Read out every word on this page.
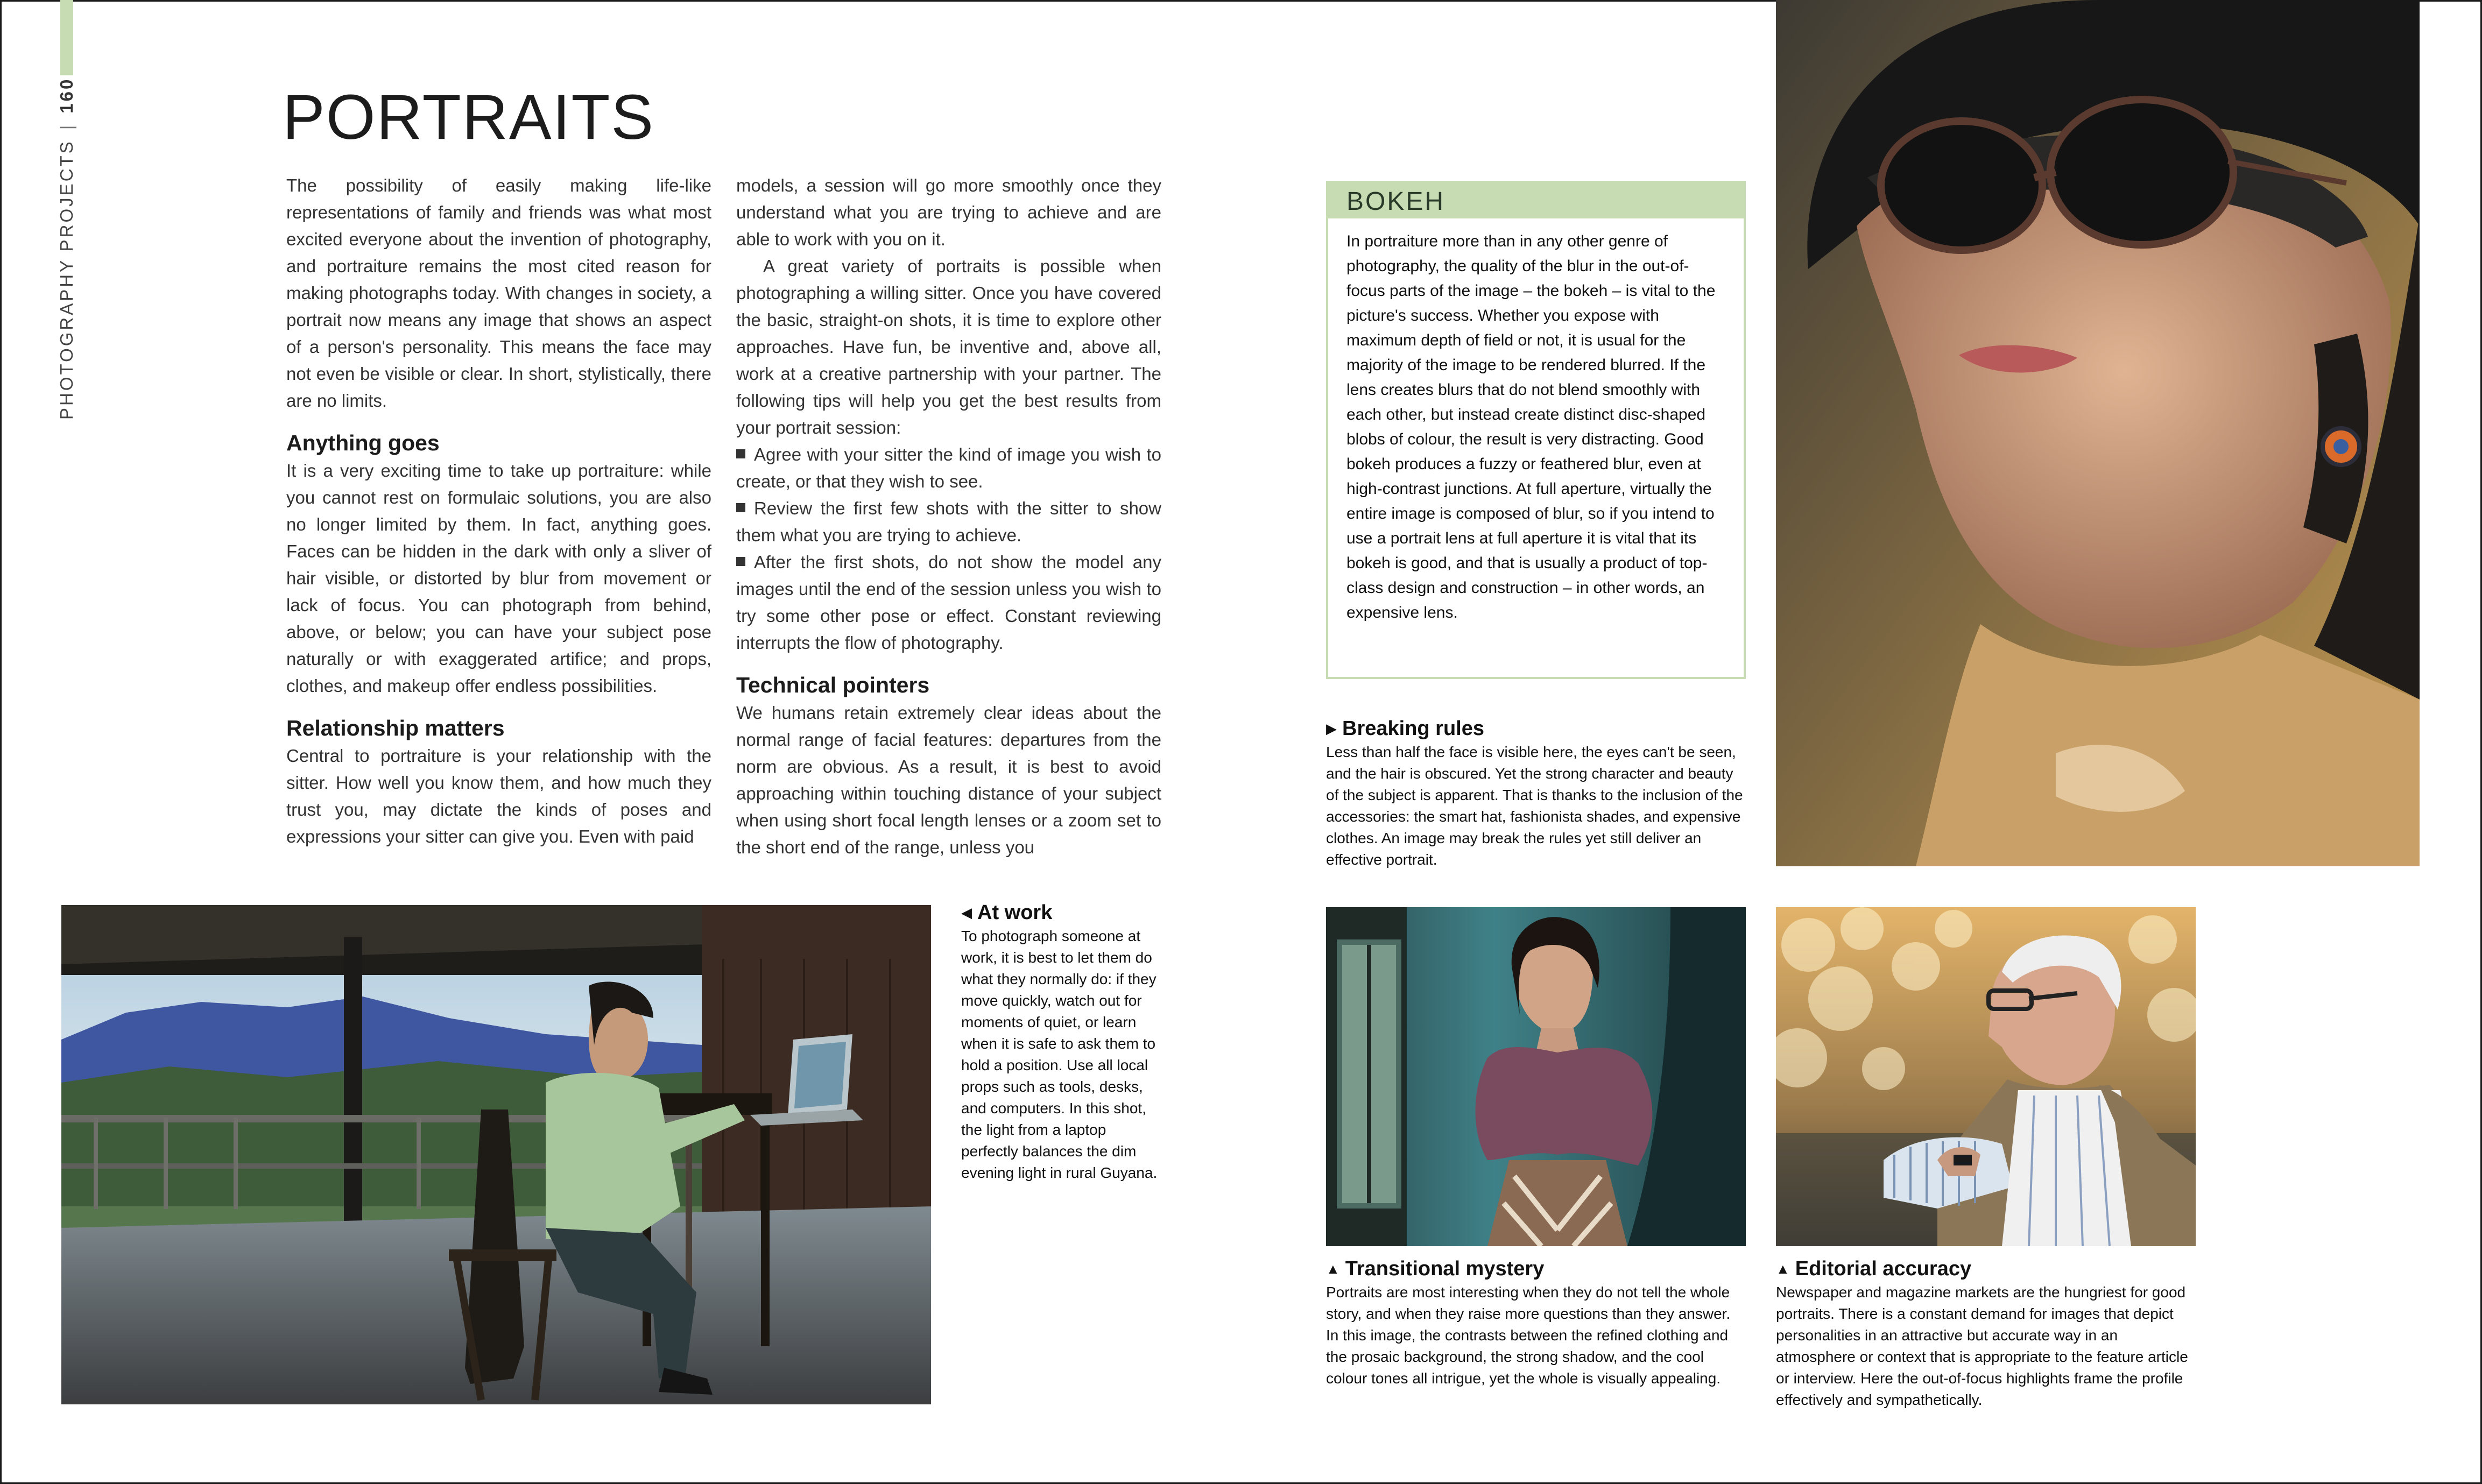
PHOTOGRAPHY PROJECTS
|
160	PORTRAITS

The possibility of easily making life-like representations of family and friends was what most excited everyone about the invention of photography, and portraiture remains the most cited reason for making photographs today. With changes in society, a portrait now means any image that shows an aspect of a person's personality. This means the face may not even be visible or clear. In short, stylistically, there are no limits.

Anything goes

It is a very exciting time to take up portraiture: while you cannot rest on formulaic solutions, you are also no longer limited by them. In fact, anything goes. Faces can be hidden in the dark with only a sliver of hair visible, or distorted by blur from movement or lack of focus. You can photograph from behind, above, or below; you can have your subject pose naturally or with exaggerated artifice; and props, clothes, and makeup offer endless possibilities.

Relationship matters

Central to portraiture is your relationship with the sitter. How well you know them, and how much they trust you, may dictate the kinds of poses and expressions your sitter can give you. Even with paid

models, a session will go more smoothly once they understand what you are trying to achieve and are able to work with you on it.

A great variety of portraits is possible when photographing a willing sitter. Once you have covered the basic, straight-on shots, it is time to explore other approaches. Have fun, be inventive and, above all, work at a creative partnership with your partner. The following tips will help you get the best results from your portrait session:

Agree with your sitter the kind of image you wish to create, or that they wish to see.

Review the first few shots with the sitter to show them what you are trying to achieve.

After the first shots, do not show the model any images until the end of the session unless you wish to try some other pose or effect. Constant reviewing interrupts the flow of photography.

Technical pointers

We humans retain extremely clear ideas about the normal range of facial features: departures from the norm are obvious. As a result, it is best to avoid approaching within touching distance of your subject when using short focal length lenses or a zoom set to the short end of the range, unless you

◀ At work

To photograph someone at work, it is best to let them do what they normally do: if they move quickly, watch out for moments of quiet, or learn when it is safe to ask them to hold a position. Use all local props such as tools, desks, and computers. In this shot, the light from a laptop perfectly balances the dim evening light in rural Guyana.

BOKEH

In portraiture more than in any other genre of photography, the quality of the blur in the out-of-focus parts of the image – the bokeh – is vital to the picture's success. Whether you expose with maximum depth of field or not, it is usual for the majority of the image to be rendered blurred. If the lens creates blurs that do not blend smoothly with each other, but instead create distinct disc-shaped blobs of colour, the result is very distracting. Good bokeh produces a fuzzy or feathered blur, even at high-contrast junctions. At full aperture, virtually the entire image is composed of blur, so if you intend to use a portrait lens at full aperture it is vital that its bokeh is good, and that is usually a product of top-class design and construction – in other words, an expensive lens.

▶ Breaking rules

Less than half the face is visible here, the eyes can't be seen, and the hair is obscured. Yet the strong character and beauty of the subject is apparent. That is thanks to the inclusion of the accessories: the smart hat, fashionista shades, and expensive clothes. An image may break the rules yet still deliver an effective portrait.

▲ Transitional mystery

Portraits are most interesting when they do not tell the whole story, and when they raise more questions than they answer. In this image, the contrasts between the refined clothing and the prosaic background, the strong shadow, and the cool colour tones all intrigue, yet the whole is visually appealing.

▲ Editorial accuracy

Newspaper and magazine markets are the hungriest for good portraits. There is a constant demand for images that depict personalities in an attractive but accurate way in an atmosphere or context that is appropriate to the feature article or interview. Here the out-of-focus highlights frame the profile effectively and sympathetically.
